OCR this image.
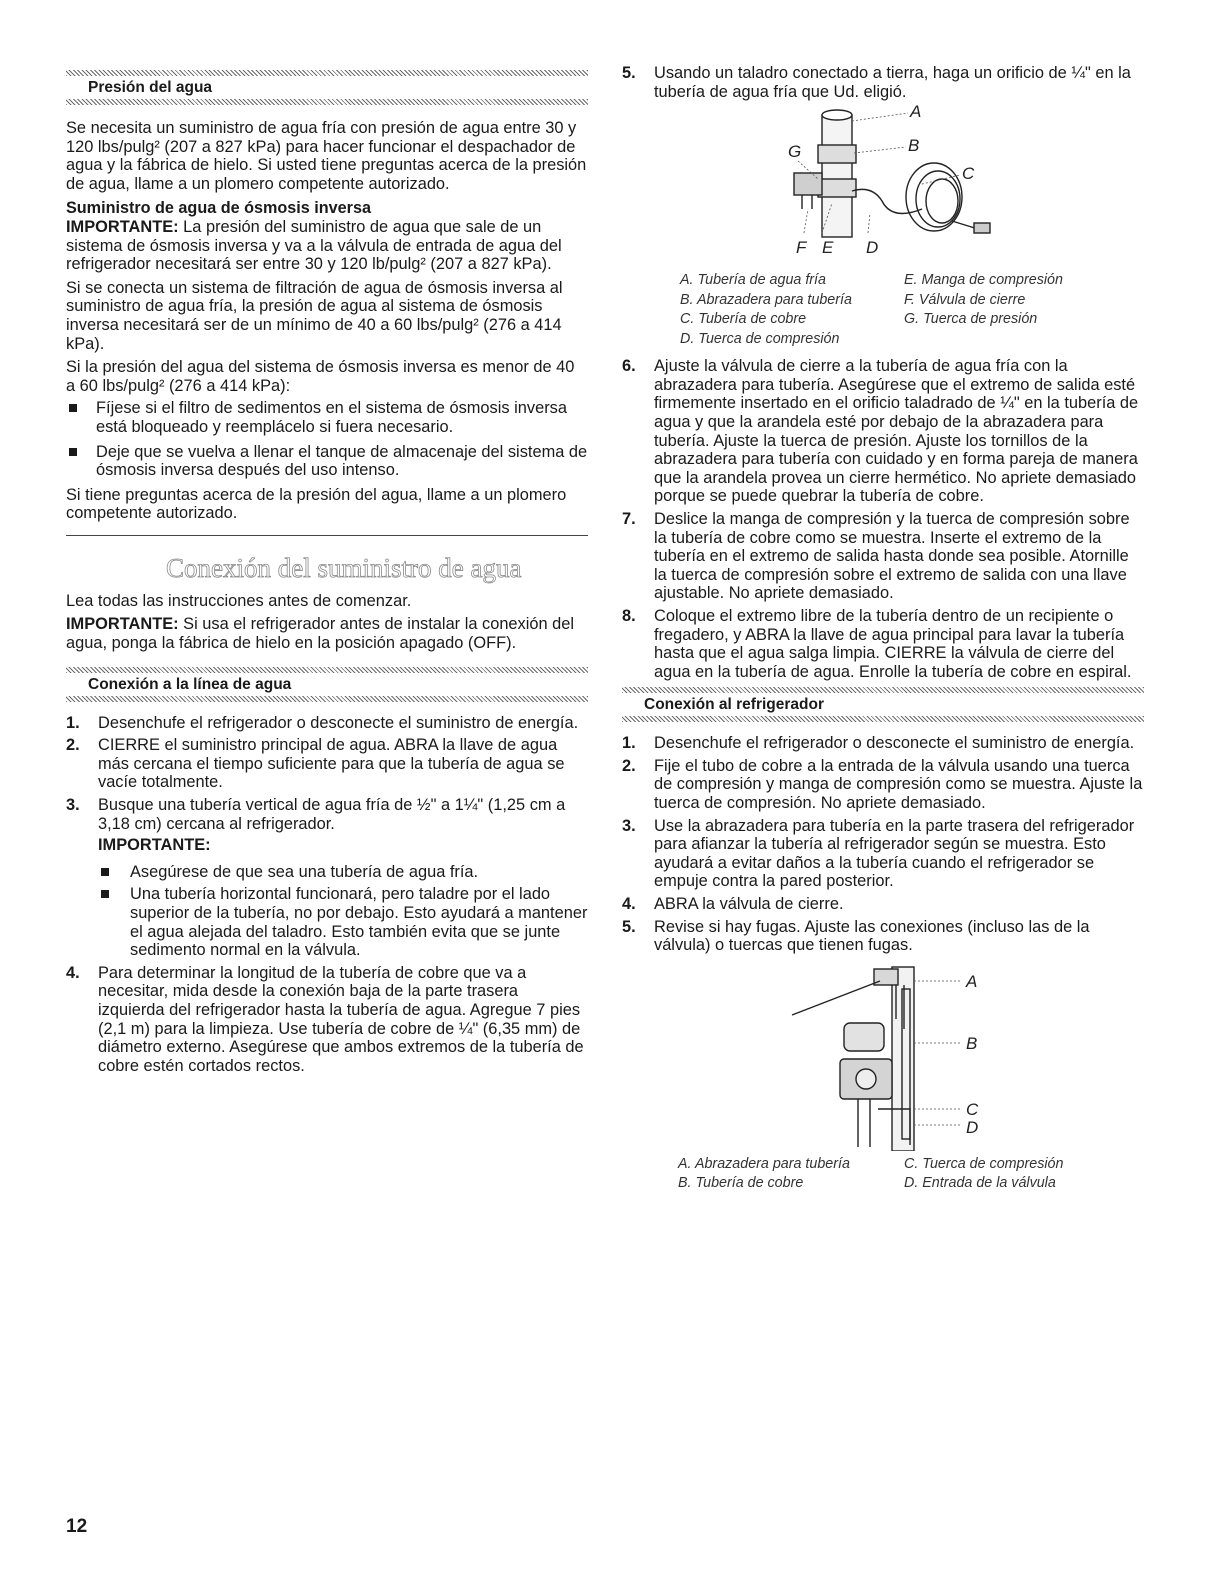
Presión del agua

Se necesita un suministro de agua fría con presión de agua entre 30 y 120 lbs/pulg² (207 a 827 kPa) para hacer funcionar el despachador de agua y la fábrica de hielo. Si usted tiene preguntas acerca de la presión de agua, llame a un plomero competente autorizado.

Suministro de agua de ósmosis inversa

IMPORTANTE: La presión del suministro de agua que sale de un sistema de ósmosis inversa y va a la válvula de entrada de agua del refrigerador necesitará ser entre 30 y 120 lb/pulg² (207 a 827 kPa).

Si se conecta un sistema de filtración de agua de ósmosis inversa al suministro de agua fría, la presión de agua al sistema de ósmosis inversa necesitará ser de un mínimo de 40 a 60 lbs/pulg² (276 a 414 kPa).

Si la presión del agua del sistema de ósmosis inversa es menor de 40 a 60 lbs/pulg² (276 a 414 kPa):

Fíjese si el filtro de sedimentos en el sistema de ósmosis inversa está bloqueado y reemplácelo si fuera necesario.
Deje que se vuelva a llenar el tanque de almacenaje del sistema de ósmosis inversa después del uso intenso.

Si tiene preguntas acerca de la presión del agua, llame a un plomero competente autorizado.

Conexión del suministro de agua

Lea todas las instrucciones antes de comenzar.

IMPORTANTE: Si usa el refrigerador antes de instalar la conexión del agua, ponga la fábrica de hielo en la posición apagado (OFF).

Conexión a la línea de agua
1. Desenchufe el refrigerador o desconecte el suministro de energía.
2. CIERRE el suministro principal de agua. ABRA la llave de agua más cercana el tiempo suficiente para que la tubería de agua se vacíe totalmente.
3. Busque una tubería vertical de agua fría de ½" a 1¼" (1,25 cm a 3,18 cm) cercana al refrigerador.
IMPORTANTE:
Asegúrese de que sea una tubería de agua fría.
Una tubería horizontal funcionará, pero taladre por el lado superior de la tubería, no por debajo. Esto ayudará a mantener el agua alejada del taladro. Esto también evita que se junte sedimento normal en la válvula.
4. Para determinar la longitud de la tubería de cobre que va a necesitar, mida desde la conexión baja de la parte trasera izquierda del refrigerador hasta la tubería de agua. Agregue 7 pies (2,1 m) para la limpieza. Use tubería de cobre de ¼" (6,35 mm) de diámetro externo. Asegúrese que ambos extremos de la tubería de cobre estén cortados rectos.
5. Usando un taladro conectado a tierra, haga un orificio de ¼" en la tubería de agua fría que Ud. eligió.
A
B
C
G
F E D
A. Tubería de agua fría	E. Manga de compresión
B. Abrazadera para tubería	F. Válvula de cierre
C. Tubería de cobre	G. Tuerca de presión
D. Tuerca de compresión
6. Ajuste la válvula de cierre a la tubería de agua fría con la abrazadera para tubería. Asegúrese que el extremo de salida esté firmemente insertado en el orificio taladrado de ¼" en la tubería de agua y que la arandela esté por debajo de la abrazadera para tubería. Ajuste la tuerca de presión. Ajuste los tornillos de la abrazadera para tubería con cuidado y en forma pareja de manera que la arandela provea un cierre hermético. No apriete demasiado porque se puede quebrar la tubería de cobre.
7. Deslice la manga de compresión y la tuerca de compresión sobre la tubería de cobre como se muestra. Inserte el extremo de la tubería en el extremo de salida hasta donde sea posible. Atornille la tuerca de compresión sobre el extremo de salida con una llave ajustable. No apriete demasiado.
8. Coloque el extremo libre de la tubería dentro de un recipiente o fregadero, y ABRA la llave de agua principal para lavar la tubería hasta que el agua salga limpia. CIERRE la válvula de cierre del agua en la tubería de agua. Enrolle la tubería de cobre en espiral.
Conexión al refrigerador
1. Desenchufe el refrigerador o desconecte el suministro de energía.
2. Fije el tubo de cobre a la entrada de la válvula usando una tuerca de compresión y manga de compresión como se muestra. Ajuste la tuerca de compresión. No apriete demasiado.
3. Use la abrazadera para tubería en la parte trasera del refrigerador para afianzar la tubería al refrigerador según se muestra. Esto ayudará a evitar daños a la tubería cuando el refrigerador se empuje contra la pared posterior.
4. ABRA la válvula de cierre.
5. Revise si hay fugas. Ajuste las conexiones (incluso las de la válvula) o tuercas que tienen fugas.
A
B
C
D
A. Abrazadera para tubería	C. Tuerca de compresión
B. Tubería de cobre	D. Entrada de la válvula
12
